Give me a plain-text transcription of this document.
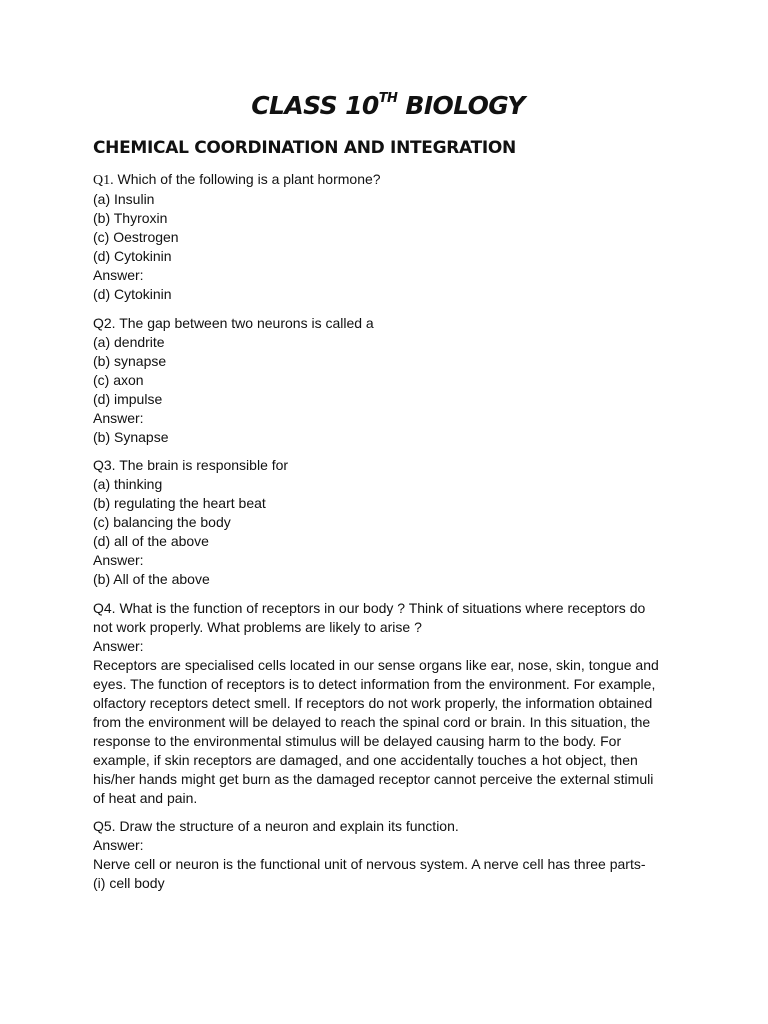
CLASS 10TH BIOLOGY
CHEMICAL COORDINATION AND INTEGRATION
Q1. Which of the following is a plant hormone?
(a) Insulin
(b) Thyroxin
(c) Oestrogen
(d) Cytokinin
Answer:
(d) Cytokinin
Q2. The gap between two neurons is called a
(a) dendrite
(b) synapse
(c) axon
(d) impulse
Answer:
(b) Synapse
Q3. The brain is responsible for
(a) thinking
(b) regulating the heart beat
(c) balancing the body
(d) all of the above
Answer:
(b) All of the above
Q4. What is the function of receptors in our body ? Think of situations where receptors do
not work properly. What problems are likely to arise ?
Answer:
Receptors are specialised cells located in our sense organs like ear, nose, skin, tongue and
eyes. The function of receptors is to detect information from the environment. For example,
olfactory receptors detect smell. If receptors do not work properly, the information obtained
from the environment will be delayed to reach the spinal cord or brain. In this situation, the
response to the environmental stimulus will be delayed causing harm to the body. For
example, if skin receptors are damaged, and one accidentally touches a hot object, then
his/her hands might get burn as the damaged receptor cannot perceive the external stimuli
of heat and pain.
Q5. Draw the structure of a neuron and explain its function.
Answer:
Nerve cell or neuron is the functional unit of nervous system. A nerve cell has three parts-
(i) cell body
